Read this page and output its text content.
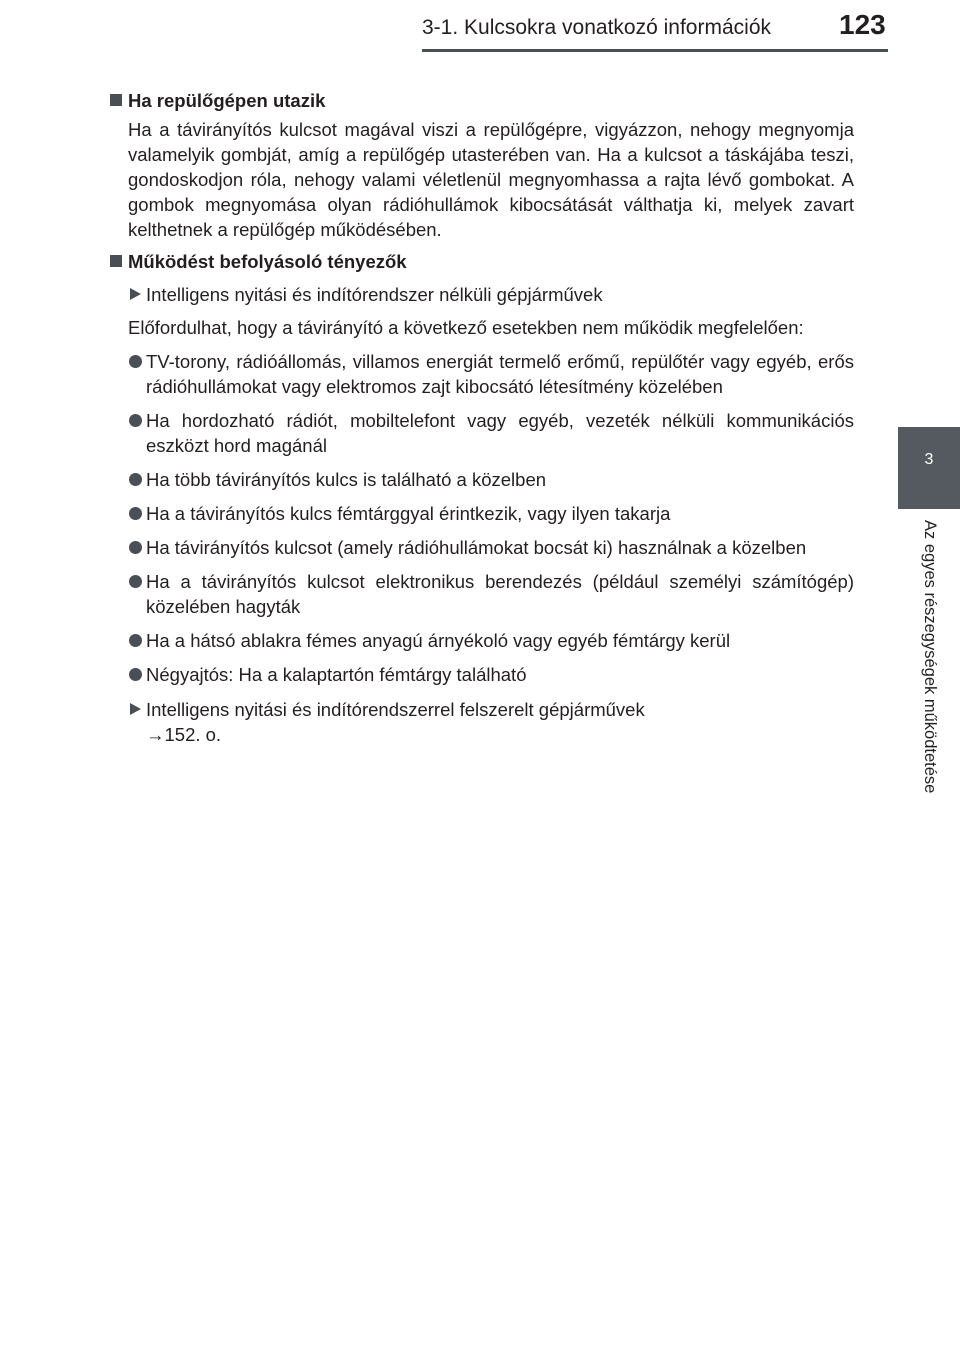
3-1. Kulcsokra vonatkozó információk 123
3
Az egyes részegységek működtetése
Ha repülőgépen utazik

Ha a távirányítós kulcsot magával viszi a repülőgépre, vigyázzon, nehogy megnyomja valamelyik gombját, amíg a repülőgép utasterében van. Ha a kulcsot a táskájába teszi, gondoskodjon róla, nehogy valami véletlenül megnyomhassa a rajta lévő gombokat. A gombok megnyomása olyan rádióhullámok kibocsátását válthatja ki, melyek zavart kelthetnek a repülőgép működésében.

Működést befolyásoló tényezők
Intelligens nyitási és indítórendszer nélküli gépjárművek

Előfordulhat, hogy a távirányító a következő esetekben nem működik megfelelően:

TV-torony, rádióállomás, villamos energiát termelő erőmű, repülőtér vagy egyéb, erős rádióhullámokat vagy elektromos zajt kibocsátó létesítmény közelében
Ha hordozható rádiót, mobiltelefont vagy egyéb, vezeték nélküli kommunikációs eszközt hord magánál
Ha több távirányítós kulcs is található a közelben
Ha a távirányítós kulcs fémtárggyal érintkezik, vagy ilyen takarja
Ha távirányítós kulcsot (amely rádióhullámokat bocsát ki) használnak a közelben
Ha a távirányítós kulcsot elektronikus berendezés (például személyi számítógép) közelében hagyták
Ha a hátsó ablakra fémes anyagú árnyékoló vagy egyéb fémtárgy kerül
Négyajtós: Ha a kalaptartón fémtárgy található
Intelligens nyitási és indítórendszerrel felszerelt gépjárművek
→152. o.
